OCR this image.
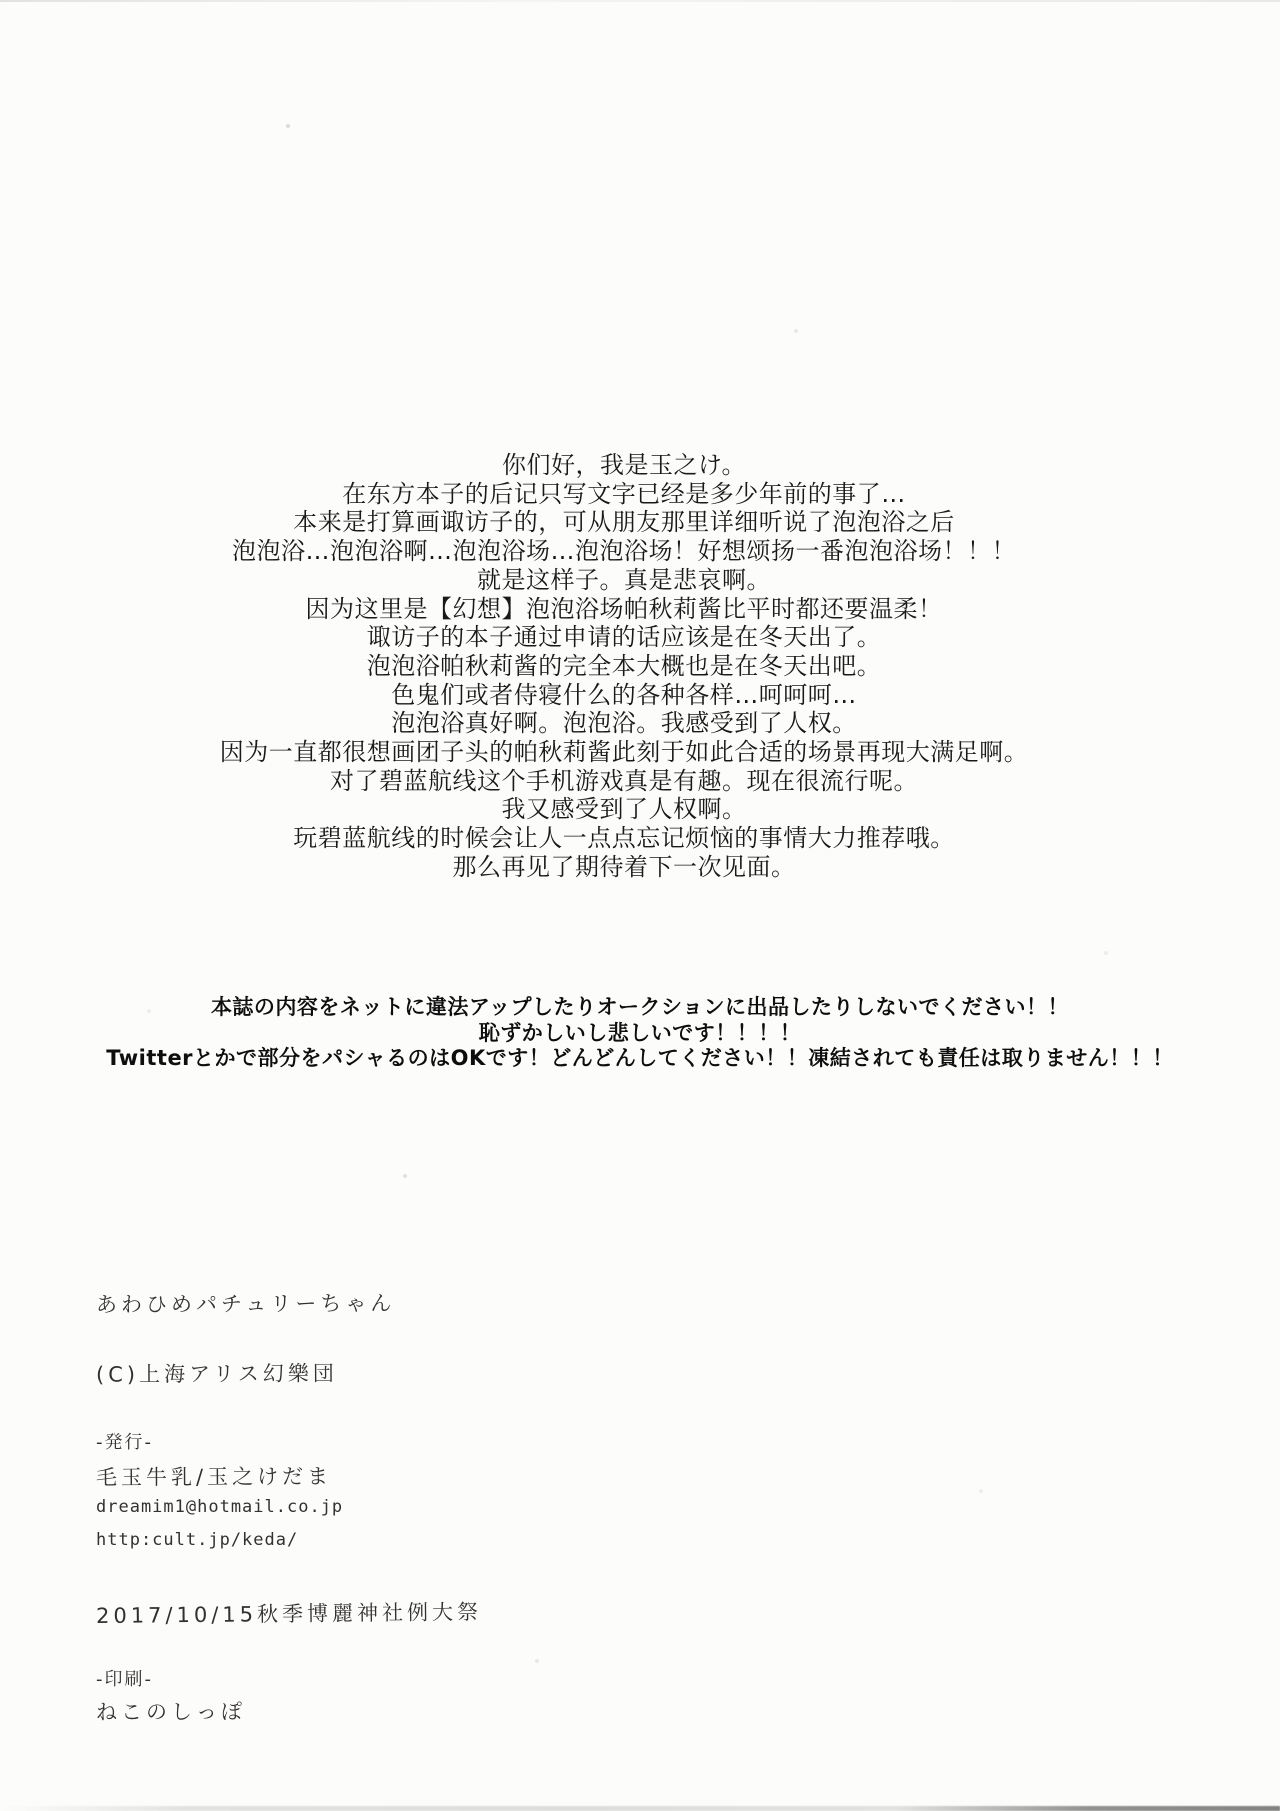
你们好，我是玉之け。

在东方本子的后记只写文字已经是多少年前的事了…

本来是打算画诹访子的，可从朋友那里详细听说了泡泡浴之后

泡泡浴…泡泡浴啊…泡泡浴场…泡泡浴场！好想颂扬一番泡泡浴场！！！

就是这样子。真是悲哀啊。

因为这里是【幻想】泡泡浴场帕秋莉酱比平时都还要温柔！

诹访子的本子通过申请的话应该是在冬天出了。

泡泡浴帕秋莉酱的完全本大概也是在冬天出吧。

色鬼们或者侍寝什么的各种各样…呵呵呵…

泡泡浴真好啊。泡泡浴。我感受到了人权。

因为一直都很想画团子头的帕秋莉酱此刻于如此合适的场景再现大满足啊。

对了碧蓝航线这个手机游戏真是有趣。现在很流行呢。

我又感受到了人权啊。

玩碧蓝航线的时候会让人一点点忘记烦恼的事情大力推荐哦。

那么再见了期待着下一次见面。

本誌の内容をネットに違法アップしたりオークションに出品したりしないでください！！

恥ずかしいし悲しいです！！！！

Twitterとかで部分をパシャるのはOKです！どんどんしてください！！凍結されても責任は取りません！！！

あわひめパチュリーちゃん
(C)上海アリス幻樂団
-発行-
毛玉牛乳/玉之けだま
dreamim1@hotmail.co.jp
http:cult.jp/keda/
2017/10/15秋季博麗神社例大祭
-印刷-
ねこのしっぽ
